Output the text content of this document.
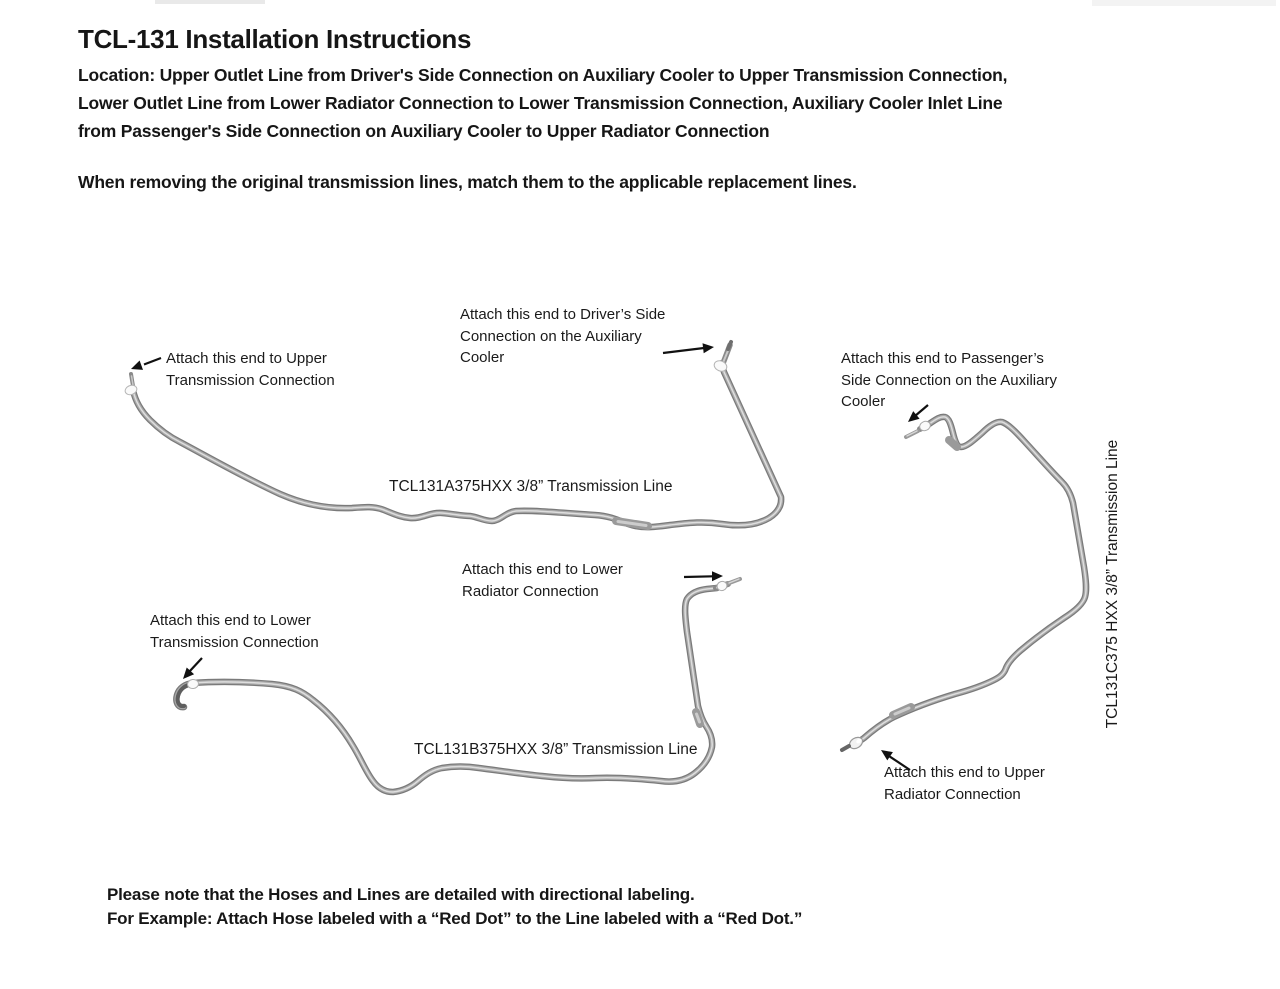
TCL-131 Installation Instructions

Location: Upper Outlet Line from Driver's Side Connection on Auxiliary Cooler to Upper Transmission Connection,
Lower Outlet Line from Lower Radiator Connection to Lower Transmission Connection, Auxiliary Cooler Inlet Line
from Passenger's Side Connection on Auxiliary Cooler to Upper Radiator Connection

When removing the original transmission lines, match them to the applicable replacement lines.

Attach this end to Upper
Transmission Connection
Attach this end to Driver’s Side
Connection on the Auxiliary
Cooler	Attach this end to Passenger’s
Side Connection on the Auxiliary
Cooler
Attach this end to Lower
Radiator Connection
Attach this end to Lower
Transmission Connection
Attach this end to Upper
Radiator Connection
TCL131A375HXX 3/8” Transmission Line
TCL131B375HXX 3/8” Transmission Line
TCL131C375 HXX 3/8” Transmission Line

Please note that the Hoses and Lines are detailed with directional labeling.
For Example: Attach Hose labeled with a “Red Dot” to the Line labeled with a “Red Dot.”
